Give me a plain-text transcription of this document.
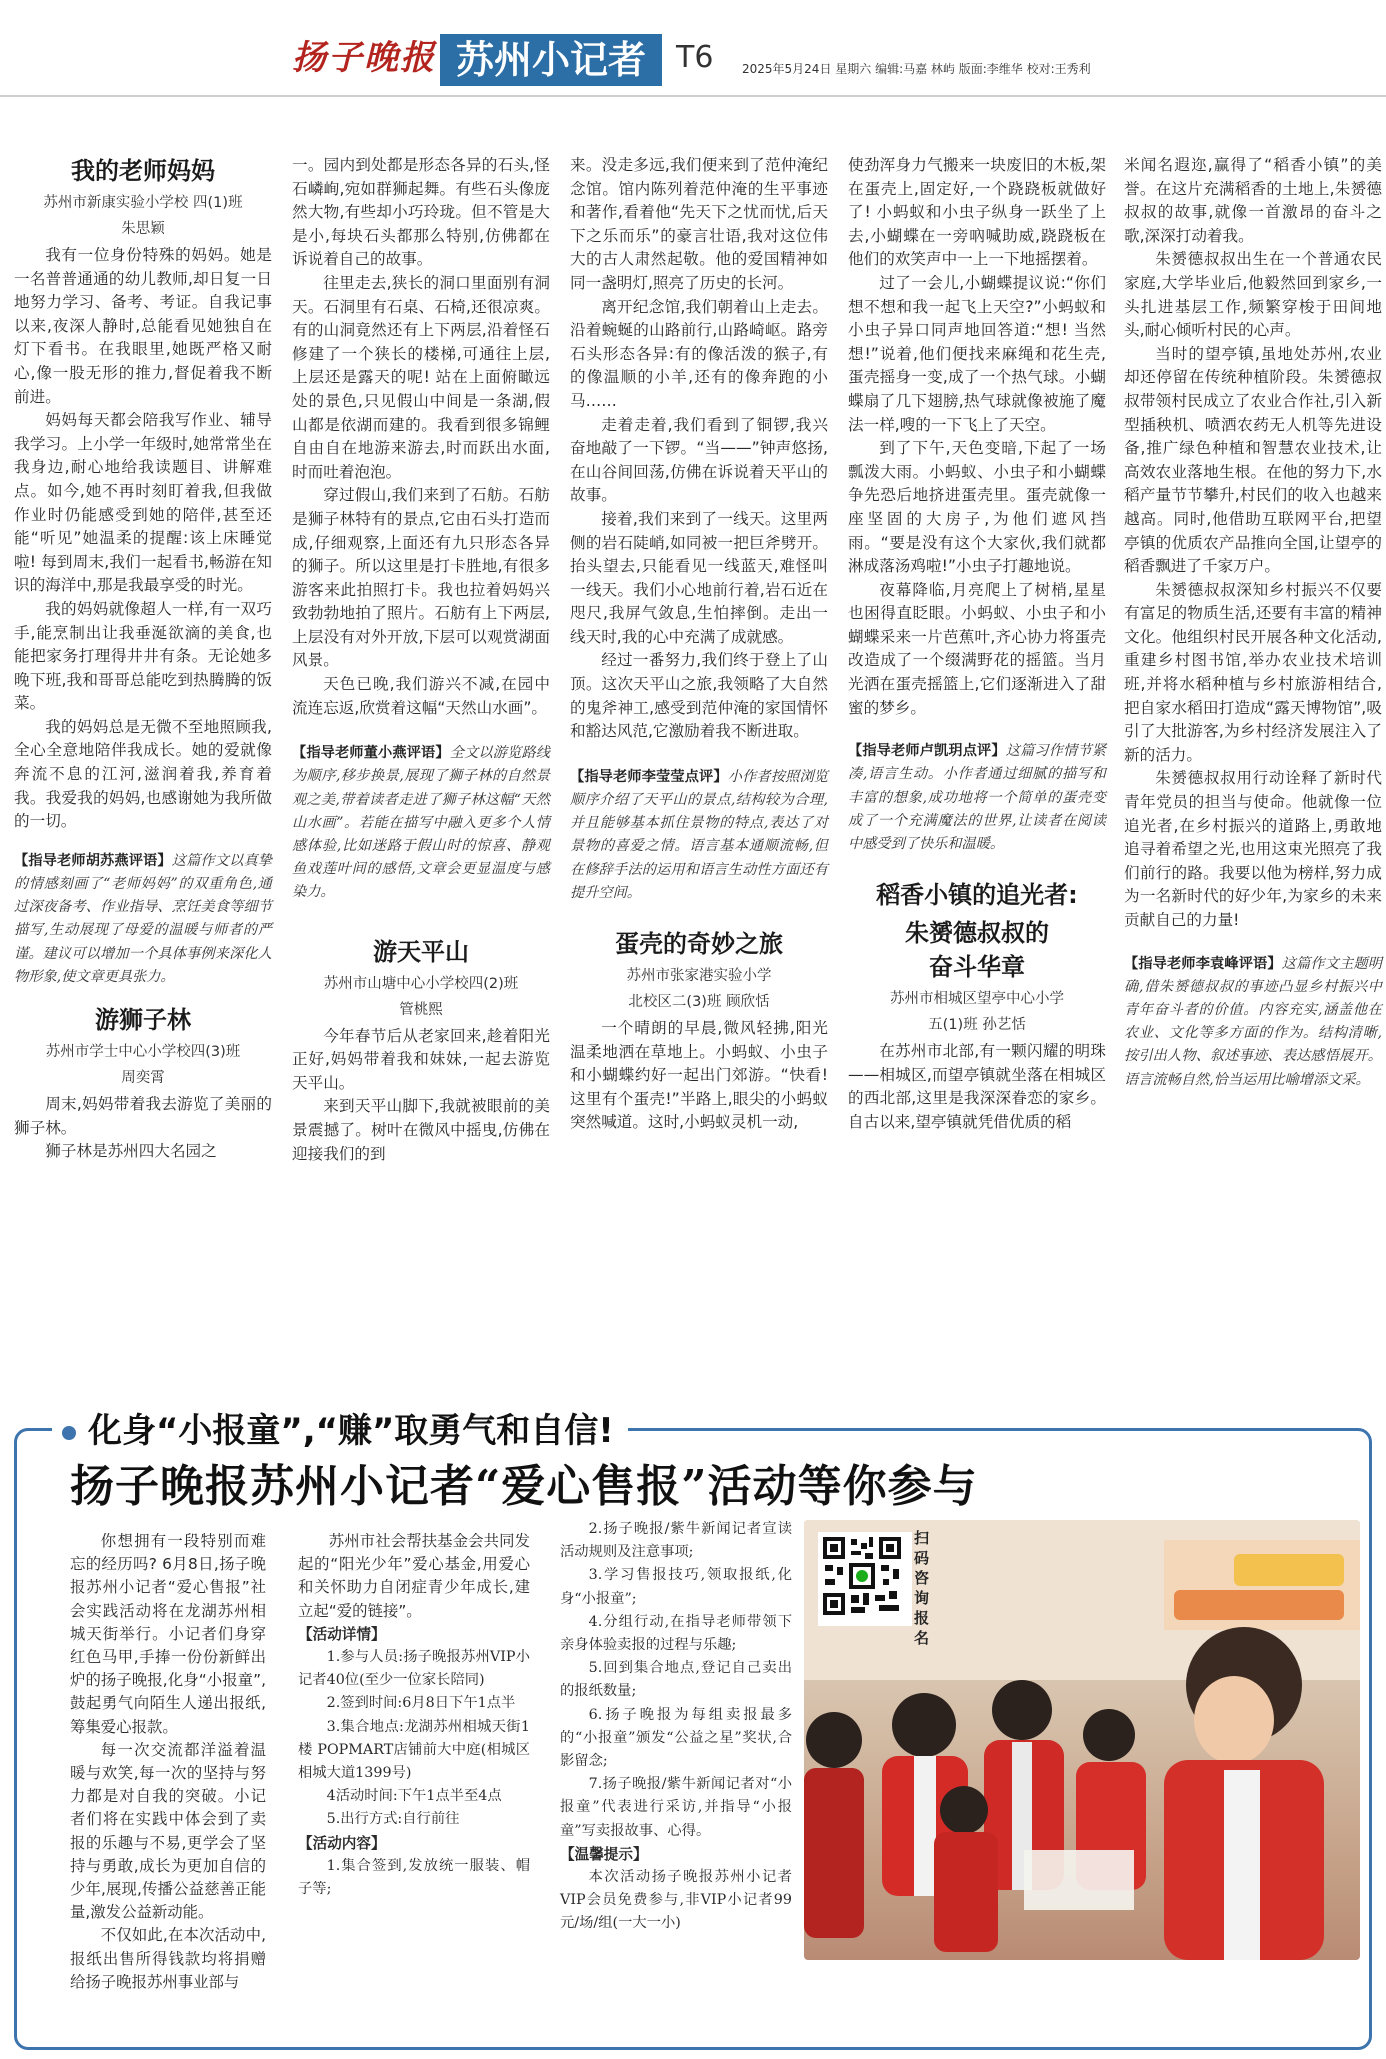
扬子晚报 苏州小记者	T6 2025年5月24日 星期六 编辑:马嘉 林屿 版面:李维华 校对:王秀利
我的老师妈妈
苏州市新康实验小学校 四(1)班
朱思颖

我有一位身份特殊的妈妈。她是一名普普通通的幼儿教师,却日复一日地努力学习、备考、考证。自我记事以来,夜深人静时,总能看见她独自在灯下看书。在我眼里,她既严格又耐心,像一股无形的推力,督促着我不断前进。

妈妈每天都会陪我写作业、辅导我学习。上小学一年级时,她常常坐在我身边,耐心地给我读题目、讲解难点。如今,她不再时刻盯着我,但我做作业时仍能感受到她的陪伴,甚至还能“听见”她温柔的提醒:该上床睡觉啦! 每到周末,我们一起看书,畅游在知识的海洋中,那是我最享受的时光。

我的妈妈就像超人一样,有一双巧手,能烹制出让我垂涎欲滴的美食,也能把家务打理得井井有条。无论她多晚下班,我和哥哥总能吃到热腾腾的饭菜。

我的妈妈总是无微不至地照顾我,全心全意地陪伴我成长。她的爱就像奔流不息的江河,滋润着我,养育着我。我爱我的妈妈,也感谢她为我所做的一切。

【指导老师胡苏燕评语】这篇作文以真挚的情感刻画了“老师妈妈”的双重角色,通过深夜备考、作业指导、烹饪美食等细节描写,生动展现了母爱的温暖与师者的严谨。建议可以增加一个具体事例来深化人物形象,使文章更具张力。

游狮子林
苏州市学士中心小学校四(3)班
周奕霄

周末,妈妈带着我去游览了美丽的狮子林。

狮子林是苏州四大名园之

一。园内到处都是形态各异的石头,怪石嶙峋,宛如群狮起舞。有些石头像庞然大物,有些却小巧玲珑。但不管是大是小,每块石头都那么特别,仿佛都在诉说着自己的故事。

往里走去,狭长的洞口里面别有洞天。石洞里有石桌、石椅,还很凉爽。有的山洞竟然还有上下两层,沿着怪石修建了一个狭长的楼梯,可通往上层,上层还是露天的呢! 站在上面俯瞰远处的景色,只见假山中间是一条湖,假山都是依湖而建的。我看到很多锦鲤自由自在地游来游去,时而跃出水面,时而吐着泡泡。

穿过假山,我们来到了石舫。石舫是狮子林特有的景点,它由石头打造而成,仔细观察,上面还有九只形态各异的狮子。所以这里是打卡胜地,有很多游客来此拍照打卡。我也拉着妈妈兴致勃勃地拍了照片。石舫有上下两层,上层没有对外开放,下层可以观赏湖面风景。

天色已晚,我们游兴不减,在园中流连忘返,欣赏着这幅“天然山水画”。

【指导老师董小燕评语】全文以游览路线为顺序,移步换景,展现了狮子林的自然景观之美,带着读者走进了狮子林这幅“天然山水画”。若能在描写中融入更多个人情感体验,比如迷路于假山时的惊喜、静观鱼戏莲叶间的感悟,文章会更显温度与感染力。

游天平山
苏州市山塘中心小学校四(2)班
管桃熙

今年春节后从老家回来,趁着阳光正好,妈妈带着我和妹妹,一起去游览天平山。

来到天平山脚下,我就被眼前的美景震撼了。树叶在微风中摇曳,仿佛在迎接我们的到

来。没走多远,我们便来到了范仲淹纪念馆。馆内陈列着范仲淹的生平事迹和著作,看着他“先天下之忧而忧,后天下之乐而乐”的豪言壮语,我对这位伟大的古人肃然起敬。他的爱国精神如同一盏明灯,照亮了历史的长河。

离开纪念馆,我们朝着山上走去。沿着蜿蜒的山路前行,山路崎岖。路旁石头形态各异:有的像活泼的猴子,有的像温顺的小羊,还有的像奔跑的小马……

走着走着,我们看到了铜锣,我兴奋地敲了一下锣。“当——”钟声悠扬,在山谷间回荡,仿佛在诉说着天平山的故事。

接着,我们来到了一线天。这里两侧的岩石陡峭,如同被一把巨斧劈开。抬头望去,只能看见一线蓝天,难怪叫一线天。我们小心地前行着,岩石近在咫尺,我屏气敛息,生怕摔倒。走出一线天时,我的心中充满了成就感。

经过一番努力,我们终于登上了山顶。这次天平山之旅,我领略了大自然的鬼斧神工,感受到范仲淹的家国情怀和豁达风范,它激励着我不断进取。

【指导老师李莹莹点评】小作者按照浏览顺序介绍了天平山的景点,结构较为合理,并且能够基本抓住景物的特点,表达了对景物的喜爱之情。语言基本通顺流畅,但在修辞手法的运用和语言生动性方面还有提升空间。

蛋壳的奇妙之旅
苏州市张家港实验小学
北校区二(3)班 顾欣恬

一个晴朗的早晨,微风轻拂,阳光温柔地洒在草地上。小蚂蚁、小虫子和小蝴蝶约好一起出门郊游。“快看! 这里有个蛋壳!”半路上,眼尖的小蚂蚁突然喊道。这时,小蚂蚁灵机一动,

使劲浑身力气搬来一块废旧的木板,架在蛋壳上,固定好,一个跷跷板就做好了! 小蚂蚁和小虫子纵身一跃坐了上去,小蝴蝶在一旁吶喊助威,跷跷板在他们的欢笑声中一上一下地摇摆着。

过了一会儿,小蝴蝶提议说:“你们想不想和我一起飞上天空?”小蚂蚁和小虫子异口同声地回答道:“想! 当然想!”说着,他们便找来麻绳和花生壳,蛋壳摇身一变,成了一个热气球。小蝴蝶扇了几下翅膀,热气球就像被施了魔法一样,嗖的一下飞上了天空。

到了下午,天色变暗,下起了一场瓢泼大雨。小蚂蚁、小虫子和小蝴蝶争先恐后地挤进蛋壳里。蛋壳就像一座坚固的大房子,为他们遮风挡雨。“要是没有这个大家伙,我们就都淋成落汤鸡啦!”小虫子打趣地说。

夜幕降临,月亮爬上了树梢,星星也困得直眨眼。小蚂蚁、小虫子和小蝴蝶采来一片芭蕉叶,齐心协力将蛋壳改造成了一个缀满野花的摇篮。当月光洒在蛋壳摇篮上,它们逐渐进入了甜蜜的梦乡。

【指导老师卢凯玥点评】这篇习作情节紧凑,语言生动。小作者通过细腻的描写和丰富的想象,成功地将一个简单的蛋壳变成了一个充满魔法的世界,让读者在阅读中感受到了快乐和温暖。

稻香小镇的追光者:
朱赟德叔叔的
奋斗华章
苏州市相城区望亭中心小学
五(1)班 孙艺恬

在苏州市北部,有一颗闪耀的明珠——相城区,而望亭镇就坐落在相城区的西北部,这里是我深深眷恋的家乡。自古以来,望亭镇就凭借优质的稻

米闻名遐迩,赢得了“稻香小镇”的美誉。在这片充满稻香的土地上,朱赟德叔叔的故事,就像一首激昂的奋斗之歌,深深打动着我。

朱赟德叔叔出生在一个普通农民家庭,大学毕业后,他毅然回到家乡,一头扎进基层工作,频繁穿梭于田间地头,耐心倾听村民的心声。

当时的望亭镇,虽地处苏州,农业却还停留在传统种植阶段。朱赟德叔叔带领村民成立了农业合作社,引入新型插秧机、喷洒农药无人机等先进设备,推广绿色种植和智慧农业技术,让高效农业落地生根。在他的努力下,水稻产量节节攀升,村民们的收入也越来越高。同时,他借助互联网平台,把望亭镇的优质农产品推向全国,让望亭的稻香飘进了千家万户。

朱赟德叔叔深知乡村振兴不仅要有富足的物质生活,还要有丰富的精神文化。他组织村民开展各种文化活动,重建乡村图书馆,举办农业技术培训班,并将水稻种植与乡村旅游相结合,把自家水稻田打造成“露天博物馆”,吸引了大批游客,为乡村经济发展注入了新的活力。

朱赟德叔叔用行动诠释了新时代青年党员的担当与使命。他就像一位追光者,在乡村振兴的道路上,勇敢地追寻着希望之光,也用这束光照亮了我们前行的路。我要以他为榜样,努力成为一名新时代的好少年,为家乡的未来贡献自己的力量!

【指导老师李袁峰评语】这篇作文主题明确,借朱赟德叔叔的事迹凸显乡村振兴中青年奋斗者的价值。内容充实,涵盖他在农业、文化等多方面的作为。结构清晰,按引出人物、叙述事迹、表达感悟展开。语言流畅自然,恰当运用比喻增添文采。

化身“小报童”,“赚”取勇气和自信!
扬子晚报苏州小记者“爱心售报”活动等你参与

你想拥有一段特别而难忘的经历吗? 6月8日,扬子晚报苏州小记者“爱心售报”社会实践活动将在龙湖苏州相城天街举行。小记者们身穿红色马甲,手捧一份份新鲜出炉的扬子晚报,化身“小报童”,鼓起勇气向陌生人递出报纸,筹集爱心报款。

每一次交流都洋溢着温暖与欢笑,每一次的坚持与努力都是对自我的突破。小记者们将在实践中体会到了卖报的乐趣与不易,更学会了坚持与勇敢,成长为更加自信的少年,展现,传播公益慈善正能量,激发公益新动能。

不仅如此,在本次活动中,报纸出售所得钱款均将捐赠给扬子晚报苏州事业部与

苏州市社会帮扶基金会共同发起的“阳光少年”爱心基金,用爱心和关怀助力自闭症青少年成长,建立起“爱的链接”。

【活动详情】

1.参与人员:扬子晚报苏州VIP小记者40位(至少一位家长陪同)

2.签到时间:6月8日下午1点半

3.集合地点:龙湖苏州相城天街1楼 POPMART店铺前大中庭(相城区相城大道1399号)

4活动时间:下午1点半至4点

5.出行方式:自行前往

【活动内容】

1.集合签到,发放统一服装、帽子等;

2.扬子晚报/紫牛新闻记者宣读活动规则及注意事项;

3.学习售报技巧,领取报纸,化身“小报童”;

4.分组行动,在指导老师带领下亲身体验卖报的过程与乐趣;

5.回到集合地点,登记自己卖出的报纸数量;

6.扬子晚报为每组卖报最多的“小报童”颁发“公益之星”奖状,合影留念;

7.扬子晚报/紫牛新闻记者对“小报童”代表进行采访,并指导“小报童”写卖报故事、心得。

【温馨提示】

本次活动扬子晚报苏州小记者VIP会员免费参与,非VIP小记者99元/场/组(一大一小)

扫码咨询报名
